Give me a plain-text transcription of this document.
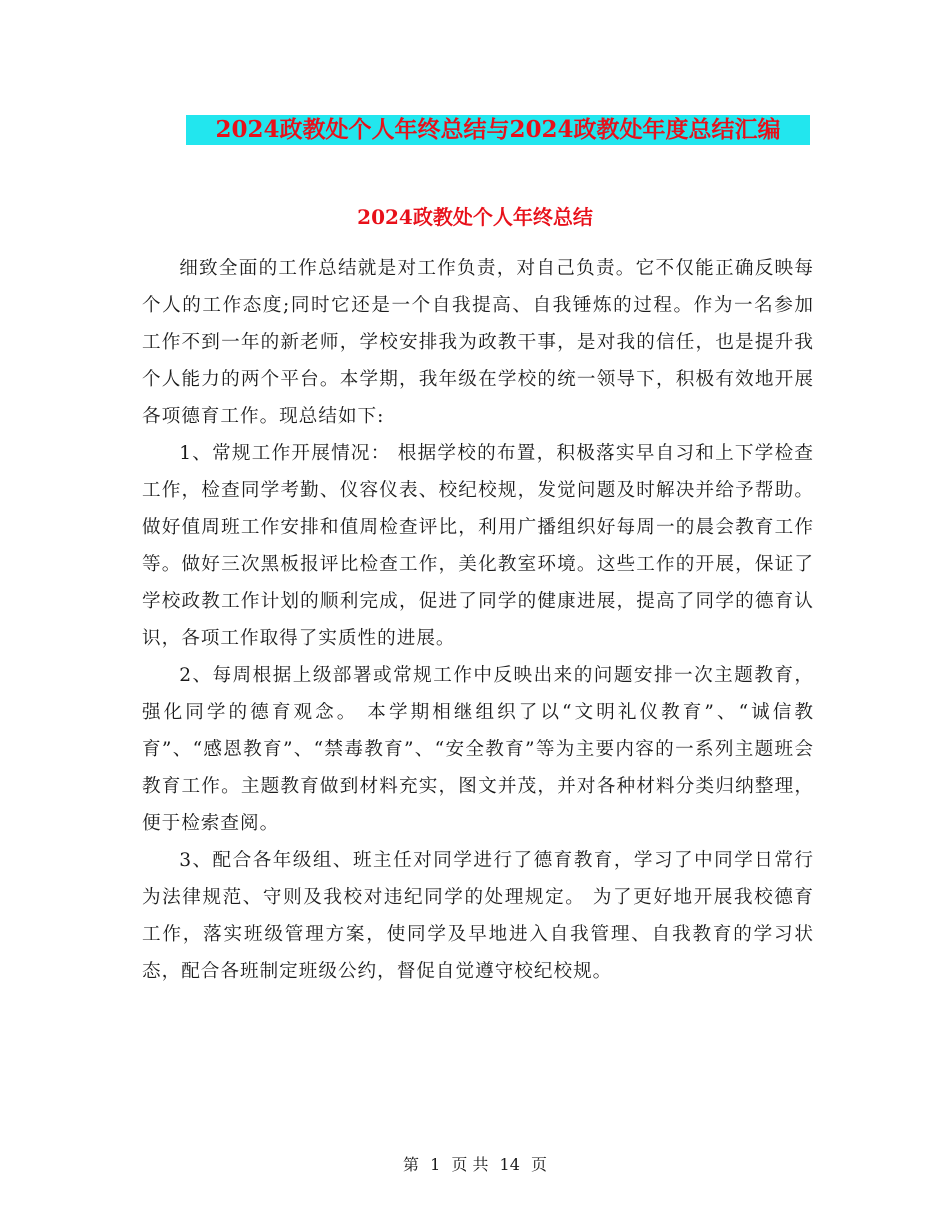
2024政教处个人年终总结与2024政教处年度总结汇编
2024政教处个人年终总结

细致全面的工作总结就是对工作负责，对自己负责。它不仅能正确反映每个人的工作态度;同时它还是一个自我提高、自我锤炼的过程。作为一名参加工作不到一年的新老师，学校安排我为政教干事，是对我的信任，也是提升我个人能力的两个平台。本学期，我年级在学校的统一领导下，积极有效地开展各项德育工作。现总结如下:

1、常规工作开展情况： 根据学校的布置，积极落实早自习和上下学检查工作，检查同学考勤、仪容仪表、校纪校规，发觉问题及时解决并给予帮助。做好值周班工作安排和值周检查评比，利用广播组织好每周一的晨会教育工作等。做好三次黑板报评比检查工作，美化教室环境。这些工作的开展，保证了学校政教工作计划的顺利完成，促进了同学的健康进展，提高了同学的德育认识，各项工作取得了实质性的进展。

2、每周根据上级部署或常规工作中反映出来的问题安排一次主题教育，强化同学的德育观念。 本学期相继组织了以“文明礼仪教育”、“诚信教育”、“感恩教育”、“禁毒教育”、“安全教育”等为主要内容的一系列主题班会教育工作。主题教育做到材料充实，图文并茂，并对各种材料分类归纳整理，便于检索查阅。

3、配合各年级组、班主任对同学进行了德育教育，学习了中同学日常行为法律规范、守则及我校对违纪同学的处理规定。 为了更好地开展我校德育工作，落实班级管理方案，使同学及早地进入自我管理、自我教育的学习状态，配合各班制定班级公约，督促自觉遵守校纪校规。

第 1 页 共 14 页
